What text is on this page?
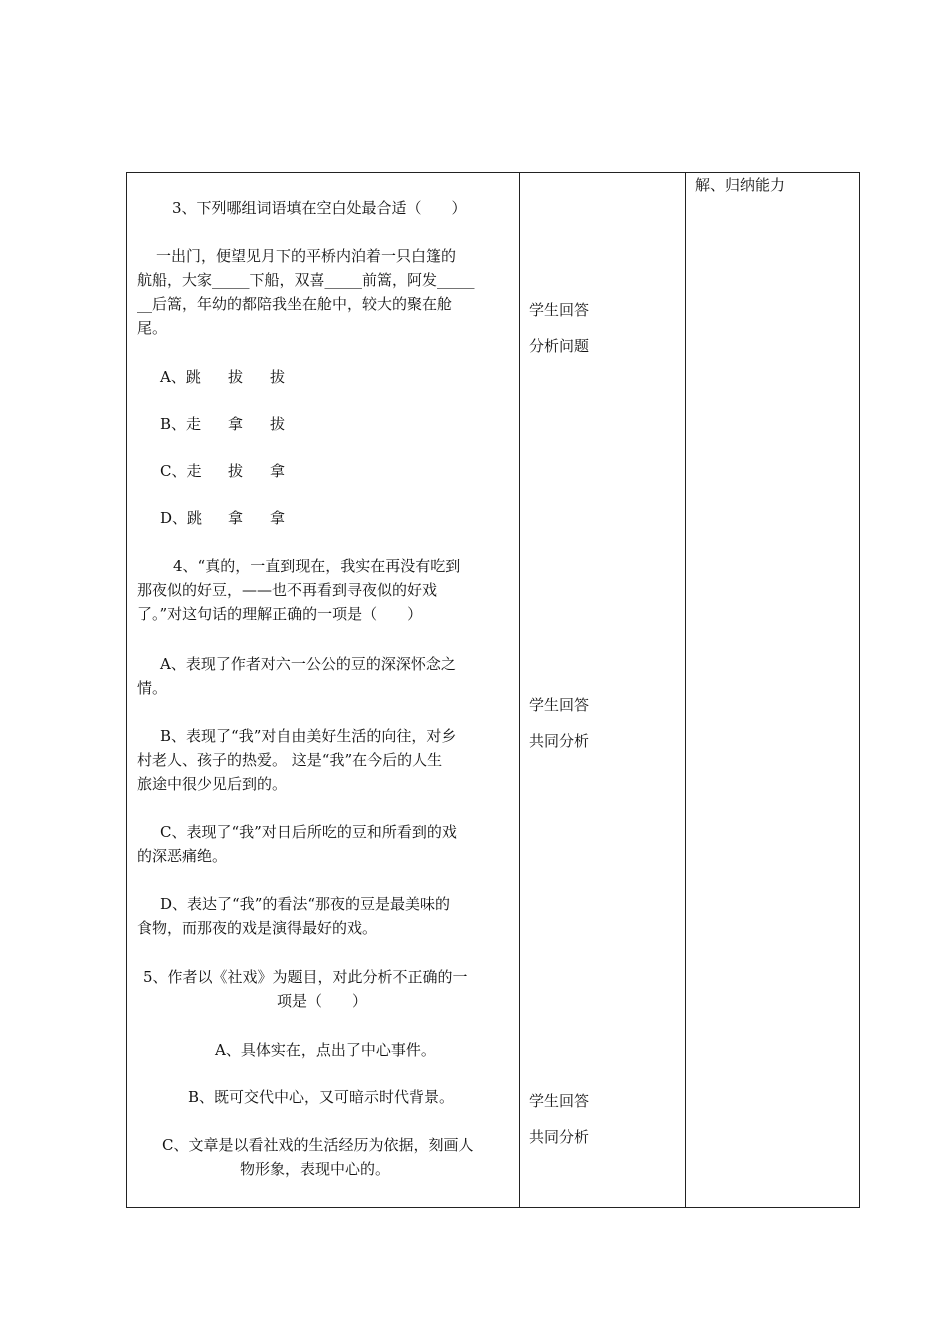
解、归纳能力
3、下列哪组词语填在空白处最合适（　　）
一出门，便望见月下的平桥内泊着一只白篷的
航船，大家_____下船，双喜_____前篙，阿发_____
__后篙，年幼的都陪我坐在舱中，较大的聚在舱
尾。
A、跳 拔 拔
B、走 拿 拔
C、走 拔 拿
D、跳 拿 拿
4、“真的，一直到现在，我实在再没有吃到
那夜似的好豆，——也不再看到寻夜似的好戏
了。”对这句话的理解正确的一项是（　　）
A、表现了作者对六一公公的豆的深深怀念之
情。
B、表现了“我”对自由美好生活的向往，对乡
村老人、孩子的热爱。 这是“我”在今后的人生
旅途中很少见后到的。
C、表现了“我”对日后所吃的豆和所看到的戏
的深恶痛绝。
D、表达了“我”的看法“那夜的豆是最美味的
食物，而那夜的戏是演得最好的戏。
5、作者以《社戏》为题目，对此分析不正确的一
项是（　　）
A、具体实在，点出了中心事件。
B、既可交代中心，又可暗示时代背景。
C、文章是以看社戏的生活经历为依据，刻画人
物形象，表现中心的。
学生回答
分析问题
学生回答
共同分析
学生回答
共同分析
